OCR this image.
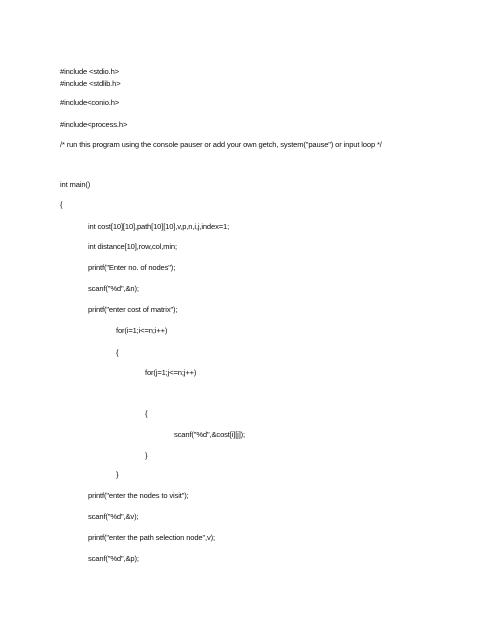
#include <stdio.h>
#include <stdlib.h>
#include<conio.h>
#include<process.h>
/* run this program using the console pauser or add your own getch, system("pause") or input loop */
int main()
{
int cost[10][10],path[10][10],v,p,n,i,j,index=1;
int distance[10],row,col,min;
printf("Enter no. of nodes");
scanf("%d",&n);
printf("enter cost of matrix");
for(i=1;i<=n;i++)
{
for(j=1;j<=n;j++)
{
scanf("%d",&cost[i][j]);
}
}
printf("enter the nodes to visit");
scanf("%d",&v);
printf("enter the path selection node",v);
scanf("%d",&p);
